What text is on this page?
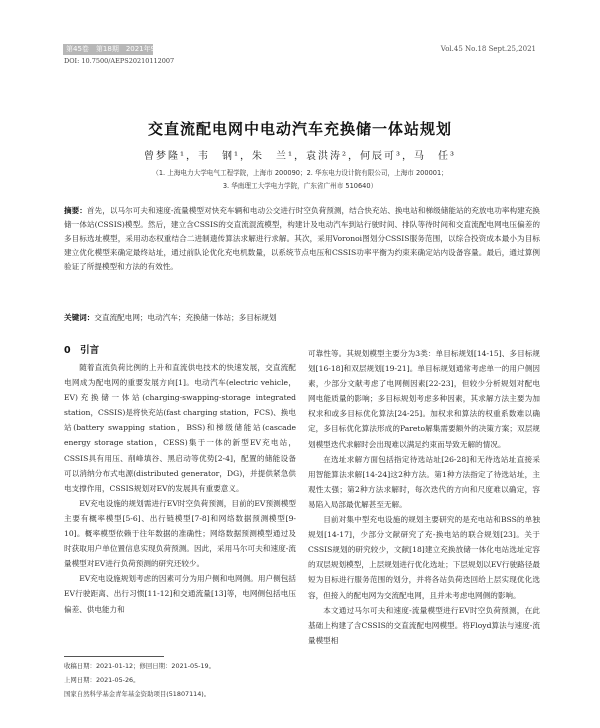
第45卷　第18期　2021年9月25日	Vol.45 No.18 Sept.25,2021
DOI: 10.7500/AEPS20210112007
交直流配电网中电动汽车充换储一体站规划
曾梦隆¹，韦　钢¹，朱　兰¹，袁洪涛²，何辰可³，马　任³
（1. 上海电力大学电气工程学院，上海市 200090；2. 华东电力设计院有限公司，上海市 200001；
3. 华南理工大学电力学院，广东省广州市 510640）
摘要：首先，以马尔可夫和速度-流量模型对快充车辆和电动公交进行时空负荷预测，结合快充站、换电站和梯级储能站的充放电功率构建充换储一体站(CSSIS)模型。然后，建立含CSSIS的交直流混流模型，构建计及电动汽车到站行驶时间、排队等待时间和交直流配电网电压偏差的多目标选址模型，采用动态权重结合二进制遗传算法求解进行求解。其次，采用Voronoi图划分CSSIS服务范围，以综合投资成本最小为目标建立优化模型来确定最终站址，通过前队论优化充电机数量，以系统节点电压和CSSIS功率平衡为约束来确定站内设备容量。最后，通过算例验证了所提模型和方法的有效性。
关键词：交直流配电网；电动汽车；充换储一体站；多目标规划
0　引言

随着直流负荷比例的上升和直流供电技术的快速发展，交直流配电网成为配电网的重要发展方向[1]。电动汽车(electric vehicle，EV)充换储一体站(charging-swapping-storage integrated station，CSSIS)是将快充站(fast charging station，FCS)、换电站(battery swapping station，BSS)和梯级储能站(cascade energy storage station，CESS)集于一体的新型EV充电站，CSSIS具有用压、削峰填谷、黑启动等优势[2-4]，配置的储能设备可以消纳分布式电源(distributed generator，DG)，并提供紧急供电支撑作用，CSSIS规划对EV的发展具有重要意义。

EV充电设施的规划需进行EV时空负荷预测，目前的EV预测模型主要有概率模型[5-6]、出行链模型[7-8]和网络数据预测模型[9-10]。概率模型依赖于往年数据的准确性；网络数据预测模型通过及时获取用户单位置信息实现负荷预测。因此，采用马尔可夫和速度-流量模型对EV进行负荷预测的研究还较少。

EV充电设施规划考虑的因素可分为用户侧和电网侧。用户侧包括EV行驶距离、出行习惯[11-12]和交通流量[13]等，电网侧包括电压偏差、供电能力和

可靠性等。其规划模型主要分为3类：单目标规划[14-15]、多目标规划[16-18]和双层规划[19-21]。单目标规划通常考虑单一的用户侧因素，少部分文献考虑了电网侧因素[22-23]，但较少分析规划对配电网电能质量的影响；多目标规划考虑多种因素，其求解方法主要为加权求和或多目标优化算法[24-25]。加权求和算法的权重系数难以确定，多目标优化算法形成的Pareto解集需要额外的决策方案；双层规划模型迭代求解时会出现难以满足约束而导致无解的情况。

在选址求解方面包括指定待选站址[26-28]和无待选站址直接采用智能算法求解[14-24]这2种方法。第1种方法指定了待选站址，主观性太强；第2种方法求解时，每次迭代的方向和尺度难以确定，容易陷入局部最优解甚至无解。

目前对集中型充电设施的规划主要研究的是充电站和BSS的单独规划[14-17]，少部分文献研究了充-换电站的联合规划[23]。关于CSSIS规划的研究较少，文献[18]建立充换放储一体化电站选址定容的双层规划模型，上层规划进行优化选址；下层规划以EV行驶路径最短为目标进行服务范围的划分，并将各站负荷迭回给上层实现优化选容，但接入的配电网为交流配电网，且并未考虑电网侧的影响。

本文通过马尔可夫和速度-流量模型进行EV时空负荷预测，在此基础上构建了含CSSIS的交直流配电网模型。将Floyd算法与速度-流量模型相

收稿日期：2021-01-12；修回日期：2021-05-19。
上网日期：2021-05-26。
国家自然科学基金青年基金资助项目(51807114)。
